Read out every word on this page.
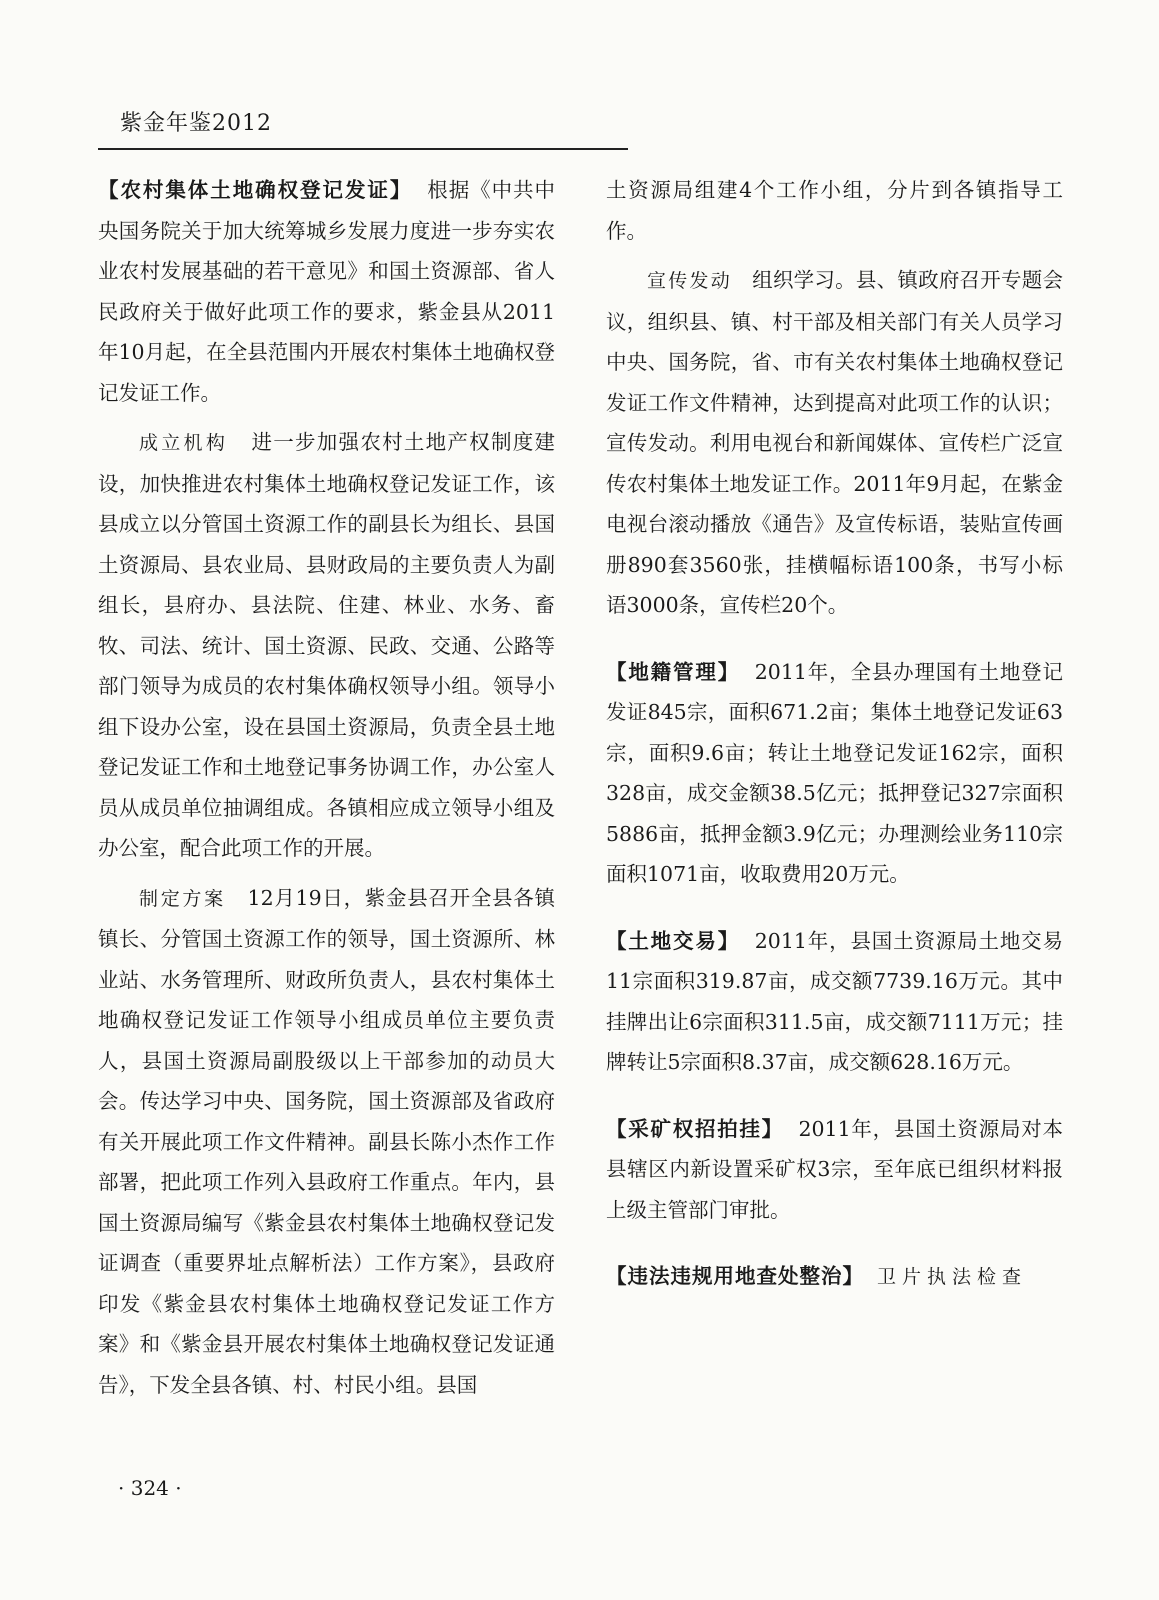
紫金年鉴2012

【农村集体土地确权登记发证】 根据《中共中央国务院关于加大统筹城乡发展力度进一步夯实农业农村发展基础的若干意见》和国土资源部、省人民政府关于做好此项工作的要求，紫金县从2011年10月起，在全县范围内开展农村集体土地确权登记发证工作。

成立机构 进一步加强农村土地产权制度建设，加快推进农村集体土地确权登记发证工作，该县成立以分管国土资源工作的副县长为组长、县国土资源局、县农业局、县财政局的主要负责人为副组长，县府办、县法院、住建、林业、水务、畜牧、司法、统计、国土资源、民政、交通、公路等部门领导为成员的农村集体确权领导小组。领导小组下设办公室，设在县国土资源局，负责全县土地登记发证工作和土地登记事务协调工作，办公室人员从成员单位抽调组成。各镇相应成立领导小组及办公室，配合此项工作的开展。

制定方案 12月19日，紫金县召开全县各镇镇长、分管国土资源工作的领导，国土资源所、林业站、水务管理所、财政所负责人，县农村集体土地确权登记发证工作领导小组成员单位主要负责人，县国土资源局副股级以上干部参加的动员大会。传达学习中央、国务院，国土资源部及省政府有关开展此项工作文件精神。副县长陈小杰作工作部署，把此项工作列入县政府工作重点。年内，县国土资源局编写《紫金县农村集体土地确权登记发证调查（重要界址点解析法）工作方案》，县政府印发《紫金县农村集体土地确权登记发证工作方案》和《紫金县开展农村集体土地确权登记发证通告》，下发全县各镇、村、村民小组。县国

土资源局组建4个工作小组，分片到各镇指导工作。

宣传发动 组织学习。县、镇政府召开专题会议，组织县、镇、村干部及相关部门有关人员学习中央、国务院，省、市有关农村集体土地确权登记发证工作文件精神，达到提高对此项工作的认识；宣传发动。利用电视台和新闻媒体、宣传栏广泛宣传农村集体土地发证工作。2011年9月起，在紫金电视台滚动播放《通告》及宣传标语，装贴宣传画册890套3560张，挂横幅标语100条，书写小标语3000条，宣传栏20个。

【地籍管理】 2011年，全县办理国有土地登记发证845宗，面积671.2亩；集体土地登记发证63宗，面积9.6亩；转让土地登记发证162宗，面积328亩，成交金额38.5亿元；抵押登记327宗面积5886亩，抵押金额3.9亿元；办理测绘业务110宗面积1071亩，收取费用20万元。

【土地交易】 2011年，县国土资源局土地交易11宗面积319.87亩，成交额7739.16万元。其中挂牌出让6宗面积311.5亩，成交额7111万元；挂牌转让5宗面积8.37亩，成交额628.16万元。

【采矿权招拍挂】 2011年，县国土资源局对本县辖区内新设置采矿权3宗，至年底已组织材料报上级主管部门审批。

【违法违规用地查处整治】 卫片执法检查

· 324 ·
